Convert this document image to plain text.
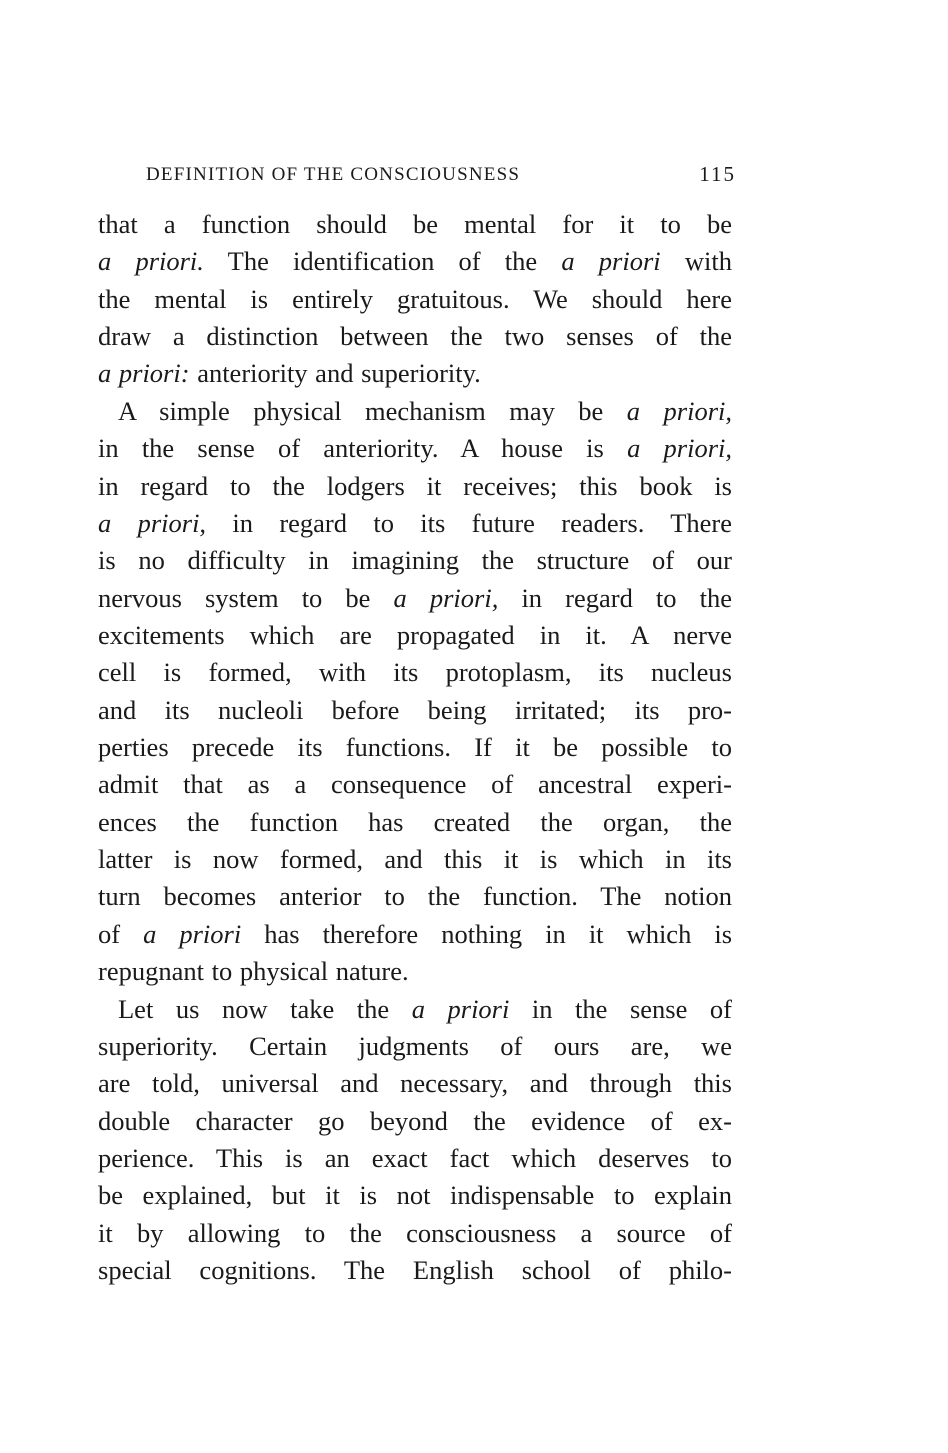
DEFINITION OF THE CONSCIOUSNESS	115
that a function should be mental for it to be
a priori. The identification of the a priori with
the mental is entirely gratuitous. We should here
draw a distinction between the two senses of the
a priori: anteriority and superiority.
A simple physical mechanism may be a priori,
in the sense of anteriority. A house is a priori,
in regard to the lodgers it receives; this book is
a priori, in regard to its future readers. There
is no difficulty in imagining the structure of our
nervous system to be a priori, in regard to the
excitements which are propagated in it. A nerve
cell is formed, with its protoplasm, its nucleus
and its nucleoli before being irritated; its pro-
perties precede its functions. If it be possible to
admit that as a consequence of ancestral experi-
ences the function has created the organ, the
latter is now formed, and this it is which in its
turn becomes anterior to the function. The notion
of a priori has therefore nothing in it which is
repugnant to physical nature.
Let us now take the a priori in the sense of
superiority. Certain judgments of ours are, we
are told, universal and necessary, and through this
double character go beyond the evidence of ex-
perience. This is an exact fact which deserves to
be explained, but it is not indispensable to explain
it by allowing to the consciousness a source of
special cognitions. The English school of philo-
